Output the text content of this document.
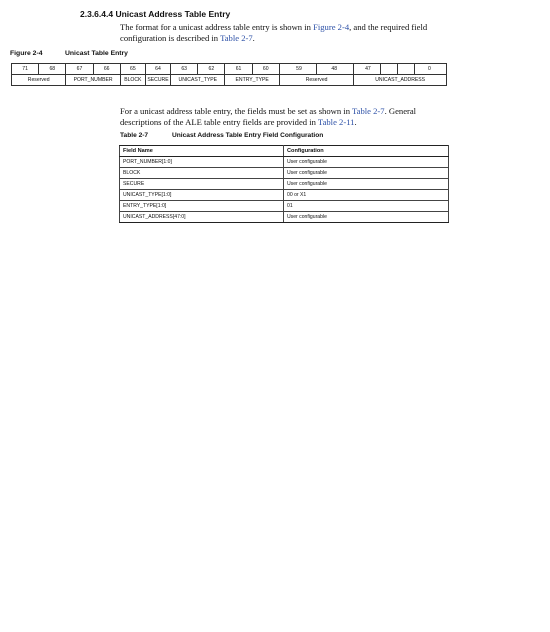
2.3.6.4.4 Unicast Address Table Entry

The format for a unicast address table entry is shown in Figure 2-4, and the required field configuration is described in Table 2-7.

Figure 2-4	Unicast Table Entry
71	68	67	66	65	64	63	62	61	60	59	48	47			0
Reserved		PORT_NUMBER		BLOCK	SECURE	UNICAST_TYPE		ENTRY_TYPE		Reserved		UNICAST_ADDRESS			

For a unicast address table entry, the fields must be set as shown in Table 2-7. General descriptions of the ALE table entry fields are provided in Table 2-11.

Table 2-7	Unicast Address Table Entry Field Configuration
Field Name	Configuration
PORT_NUMBER[1:0]	User configurable
BLOCK	User configurable
SECURE	User configurable
UNICAST_TYPE[1:0]	00 or X1
ENTRY_TYPE[1:0]	01
UNICAST_ADDRESS[47:0]	User configurable
